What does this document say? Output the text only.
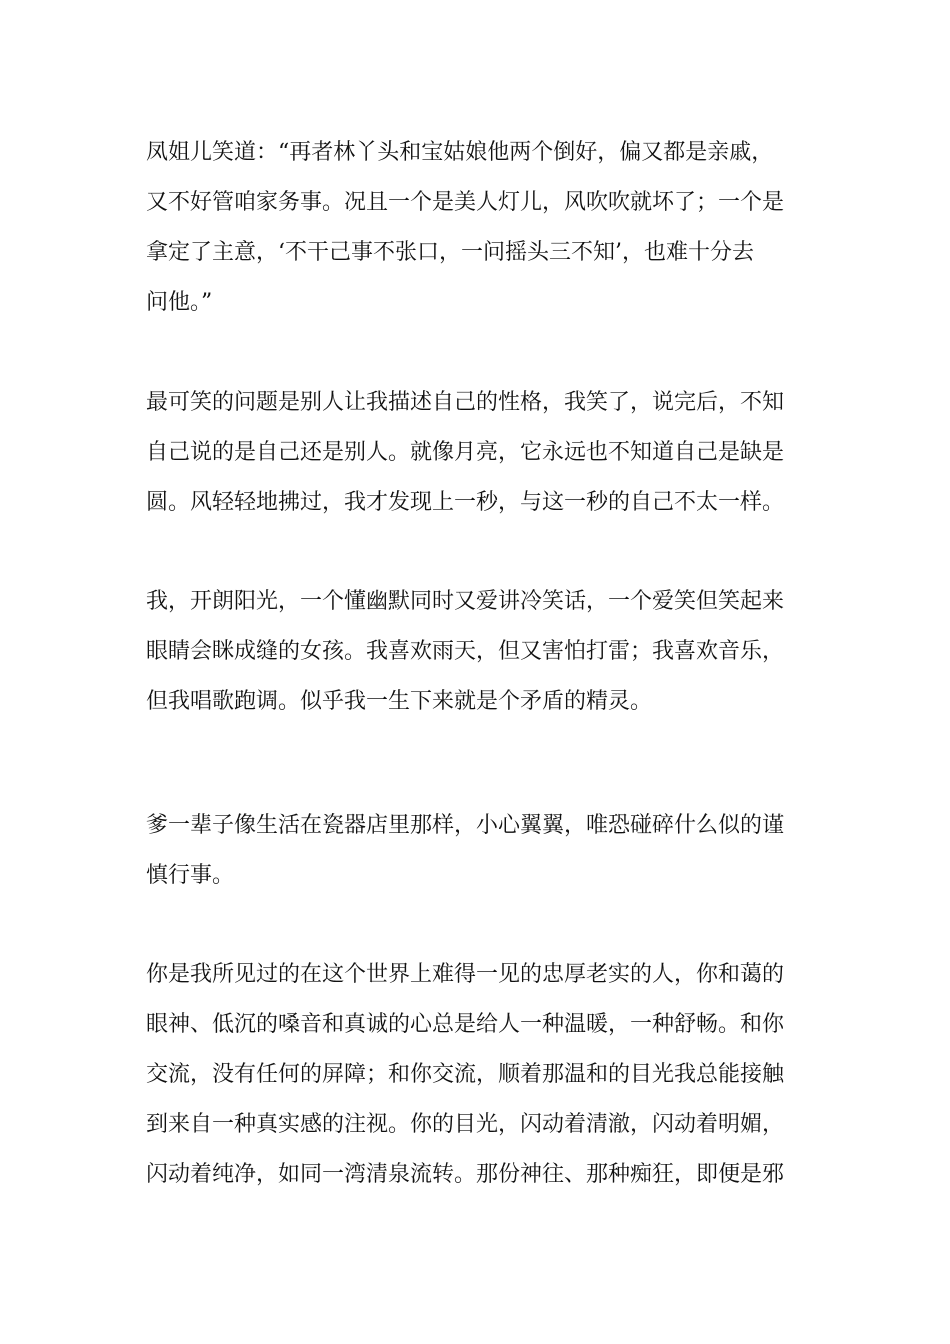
凤姐儿笑道：“再者林丫头和宝姑娘他两个倒好，偏又都是亲戚，
又不好管咱家务事。况且一个是美人灯儿，风吹吹就坏了；一个是
拿定了主意，‘不干己事不张口，一问摇头三不知’，也难十分去
问他。”

最可笑的问题是别人让我描述自己的性格，我笑了，说完后，不知
自己说的是自己还是别人。就像月亮，它永远也不知道自己是缺是
圆。风轻轻地拂过，我才发现上一秒，与这一秒的自己不太一样。

我，开朗阳光，一个懂幽默同时又爱讲冷笑话，一个爱笑但笑起来
眼睛会眯成缝的女孩。我喜欢雨天，但又害怕打雷；我喜欢音乐，
但我唱歌跑调。似乎我一生下来就是个矛盾的精灵。

爹一辈子像生活在瓷器店里那样，小心翼翼，唯恐碰碎什么似的谨
慎行事。

你是我所见过的在这个世界上难得一见的忠厚老实的人，你和蔼的
眼神、低沉的嗓音和真诚的心总是给人一种温暖，一种舒畅。和你
交流，没有任何的屏障；和你交流，顺着那温和的目光我总能接触
到来自一种真实感的注视。你的目光，闪动着清澈，闪动着明媚，
闪动着纯净，如同一湾清泉流转。那份神往、那种痴狂，即便是邪
